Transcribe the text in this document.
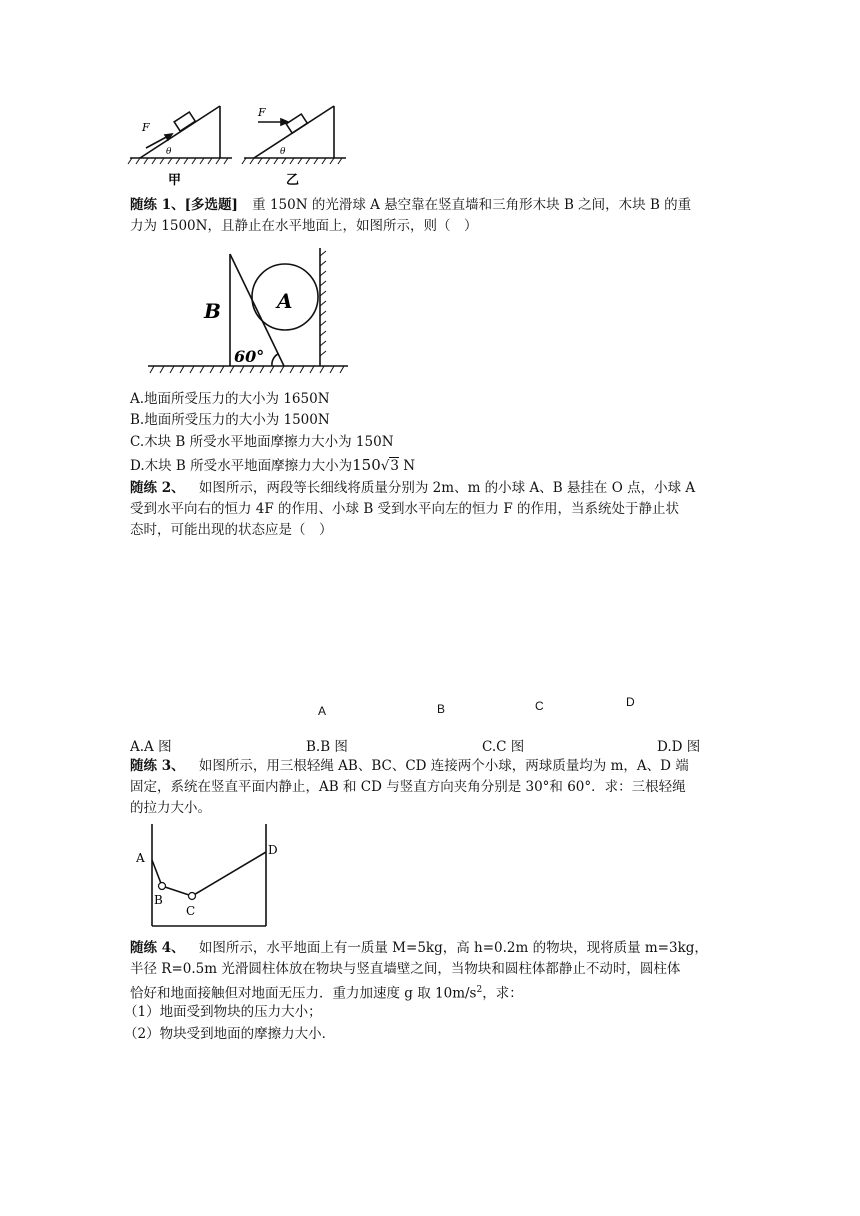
F
θ
甲
F
θ
乙
随练 1、[多选题] 重 150N 的光滑球 A 悬空靠在竖直墙和三角形木块 B 之间，木块 B 的重
力为 1500N，且静止在水平地面上，如图所示，则（　）
A
B
60°
A.地面所受压力的大小为 1650N
B.地面所受压力的大小为 1500N
C.木块 B 所受水平地面摩擦力大小为 150N
D.木块 B 所受水平地面摩擦力大小为150√3 N
随练 2、 如图所示，两段等长细线将质量分别为 2m、m 的小球 A、B 悬挂在 O 点，小球 A
受到水平向右的恒力 4F 的作用、小球 B 受到水平向左的恒力 F 的作用，当系统处于静止状
态时，可能出现的状态应是（　）
A	B	C	D
A.A 图	B.B 图	C.C 图	D.D 图
随练 3、 如图所示，用三根轻绳 AB、BC、CD 连接两个小球，两球质量均为 m，A、D 端
固定，系统在竖直平面内静止，AB 和 CD 与竖直方向夹角分别是 30°和 60°．求：三根轻绳
的拉力大小。
A
B
C
D
随练 4、 如图所示，水平地面上有一质量 M=5kg，高 h=0.2m 的物块，现将质量 m=3kg，
半径 R=0.5m 光滑圆柱体放在物块与竖直墙壁之间，当物块和圆柱体都静止不动时，圆柱体
恰好和地面接触但对地面无压力．重力加速度 g 取 $10m/s^2$，求：
（1）地面受到物块的压力大小；
（2）物块受到地面的摩擦力大小．
